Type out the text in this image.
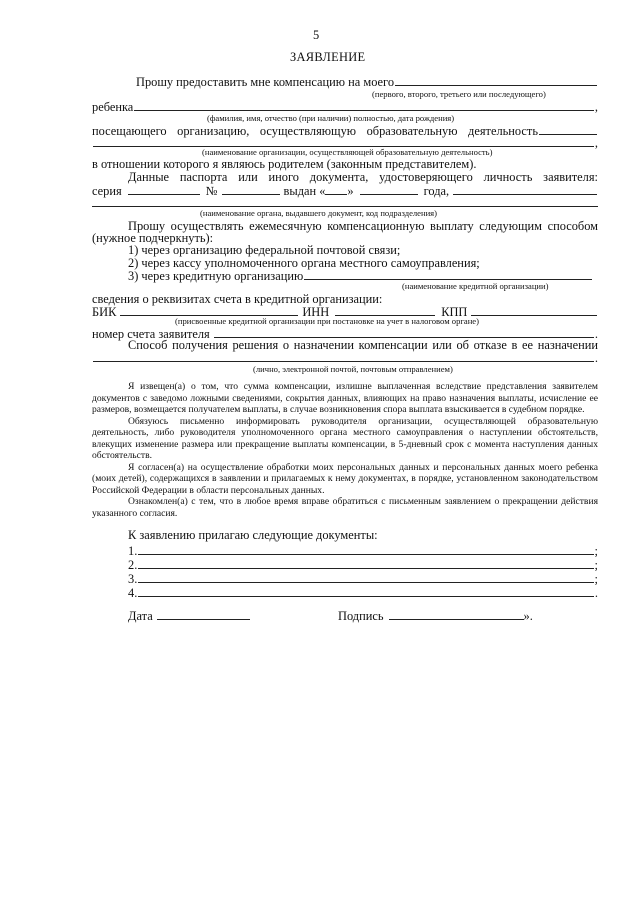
5
ЗАЯВЛЕНИЕ
Прошу предоставить мне компенсацию на моего
(первого, второго, третьего или последующего)
ребенка	,
(фамилия, имя, отчество (при наличии) полностью, дата рождения)
посещающего организацию, осуществляющую образовательную деятельность
,
(наименование организации, осуществляющей образовательную деятельность)
в отношении которого я являюсь родителем (законным представителем).
Данные паспорта или иного документа, удостоверяющего личность заявителя:
серия	№	выдан « »	года,
(наименование органа, выдавшего документ, код подразделения)
Прошу осуществлять ежемесячную компенсационную выплату следующим способом
(нужное подчеркнуть):
1) через организацию федеральной почтовой связи;
2) через кассу уполномоченного органа местного самоуправления;
3) через кредитную организацию
(наименование кредитной организации)
сведения о реквизитах счета в кредитной организации:
БИК	ИНН	КПП
(присвоенные кредитной организации при постановке на учет в налоговом органе)
номер счета заявителя	.
Способ получения решения о назначении компенсации или об отказе в ее назначении
.
(лично, электронной почтой, почтовым отправлением)

Я извещен(а) о том, что сумма компенсации, излишне выплаченная вследствие представления заявителем документов с заведомо ложными сведениями, сокрытия данных, влияющих на право назначения выплаты, исчисление ее размеров, возмещается получателем выплаты, в случае возникновения спора выплата взыскивается в судебном порядке.

Обязуюсь письменно информировать руководителя организации, осуществляющей образовательную деятельность, либо руководителя уполномоченного органа местного самоуправления о наступлении обстоятельств, влекущих изменение размера или прекращение выплаты компенсации, в 5-дневный срок с момента наступления данных обстоятельств.

Я согласен(а) на осуществление обработки моих персональных данных и персональных данных моего ребенка (моих детей), содержащихся в заявлении и прилагаемых к нему документах, в порядке, установленном законодательством Российской Федерации в области персональных данных.

Ознакомлен(а) с тем, что в любое время вправе обратиться с письменным заявлением о прекращении действия указанного согласия.

К заявлению прилагаю следующие документы:
1.	;
2.	;
3.	;
4.	.
Дата	Подпись	».
